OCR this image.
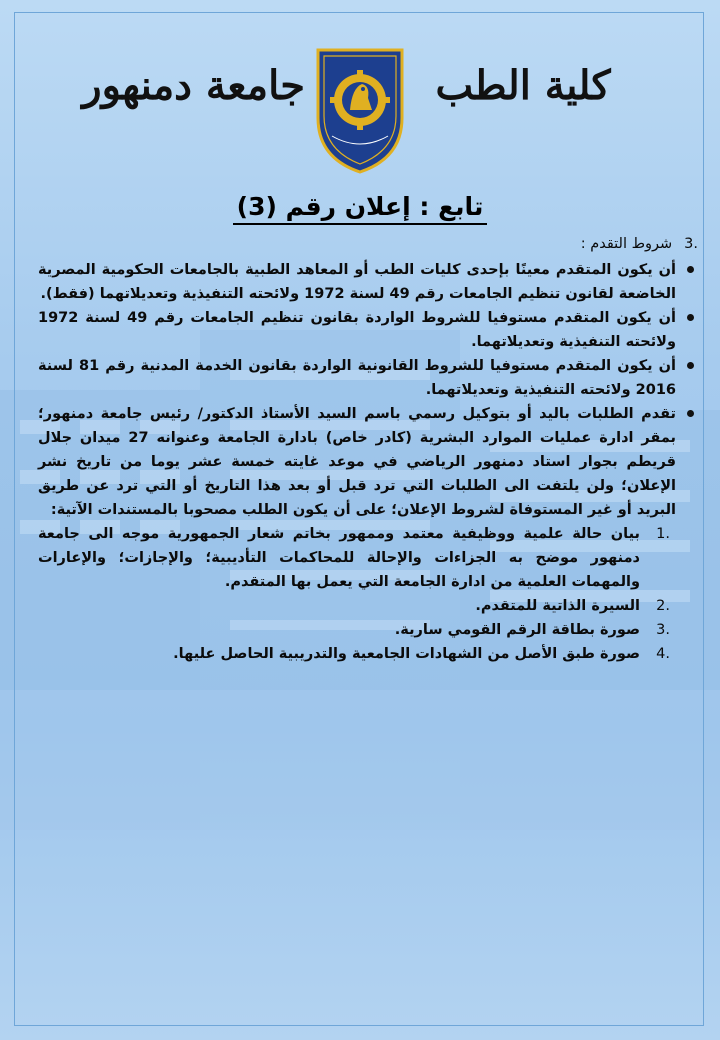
جامعة دمنهور	كلية الطب
تابع : إعلان رقم (3)
3.
شروط التقدم :
أن يكون المتقدم معينًا بإحدى كليات الطب أو المعاهد الطبية بالجامعات الحكومية المصرية الخاضعة لقانون تنظيم الجامعات رقم 49 لسنة 1972 ولائحته التنفيذية وتعديلاتهما (فقط).
أن يكون المتقدم مستوفيا للشروط الواردة بقانون تنظيم الجامعات رقم 49 لسنة 1972 ولائحته التنفيذية وتعديلاتهما.
أن يكون المتقدم مستوفيا للشروط القانونية الواردة بقانون الخدمة المدنية رقم 81 لسنة 2016 ولائحته التنفيذية وتعديلاتهما.
تقدم الطلبات باليد أو بتوكيل رسمي باسم السيد الأستاذ الدكتور/ رئيس جامعة دمنهور؛ بمقر ادارة عمليات الموارد البشرية (كادر خاص) بادارة الجامعة وعنوانه 27 ميدان جلال قريطم بجوار استاد دمنهور الرياضي في موعد غايته خمسة عشر يوما من تاريخ نشر الإعلان؛ ولن يلتفت الى الطلبات التي ترد قبل أو بعد هذا التاريخ أو التي ترد عن طريق البريد أو غير المستوفاة لشروط الإعلان؛ على أن يكون الطلب مصحوبا بالمستندات الآتية:
1.
بيان حالة علمية ووظيفية معتمد وممهور بخاتم شعار الجمهورية موجه الى جامعة دمنهور موضح به الجزاءات والإحالة للمحاكمات التأديبية؛ والإجازات؛ والإعارات والمهمات العلمية من ادارة الجامعة التي يعمل بها المتقدم.
2.
السيرة الذاتية للمتقدم.
3.
صورة بطاقة الرقم القومي سارية.
4.
صورة طبق الأصل من الشهادات الجامعية والتدريبية الحاصل عليها.
